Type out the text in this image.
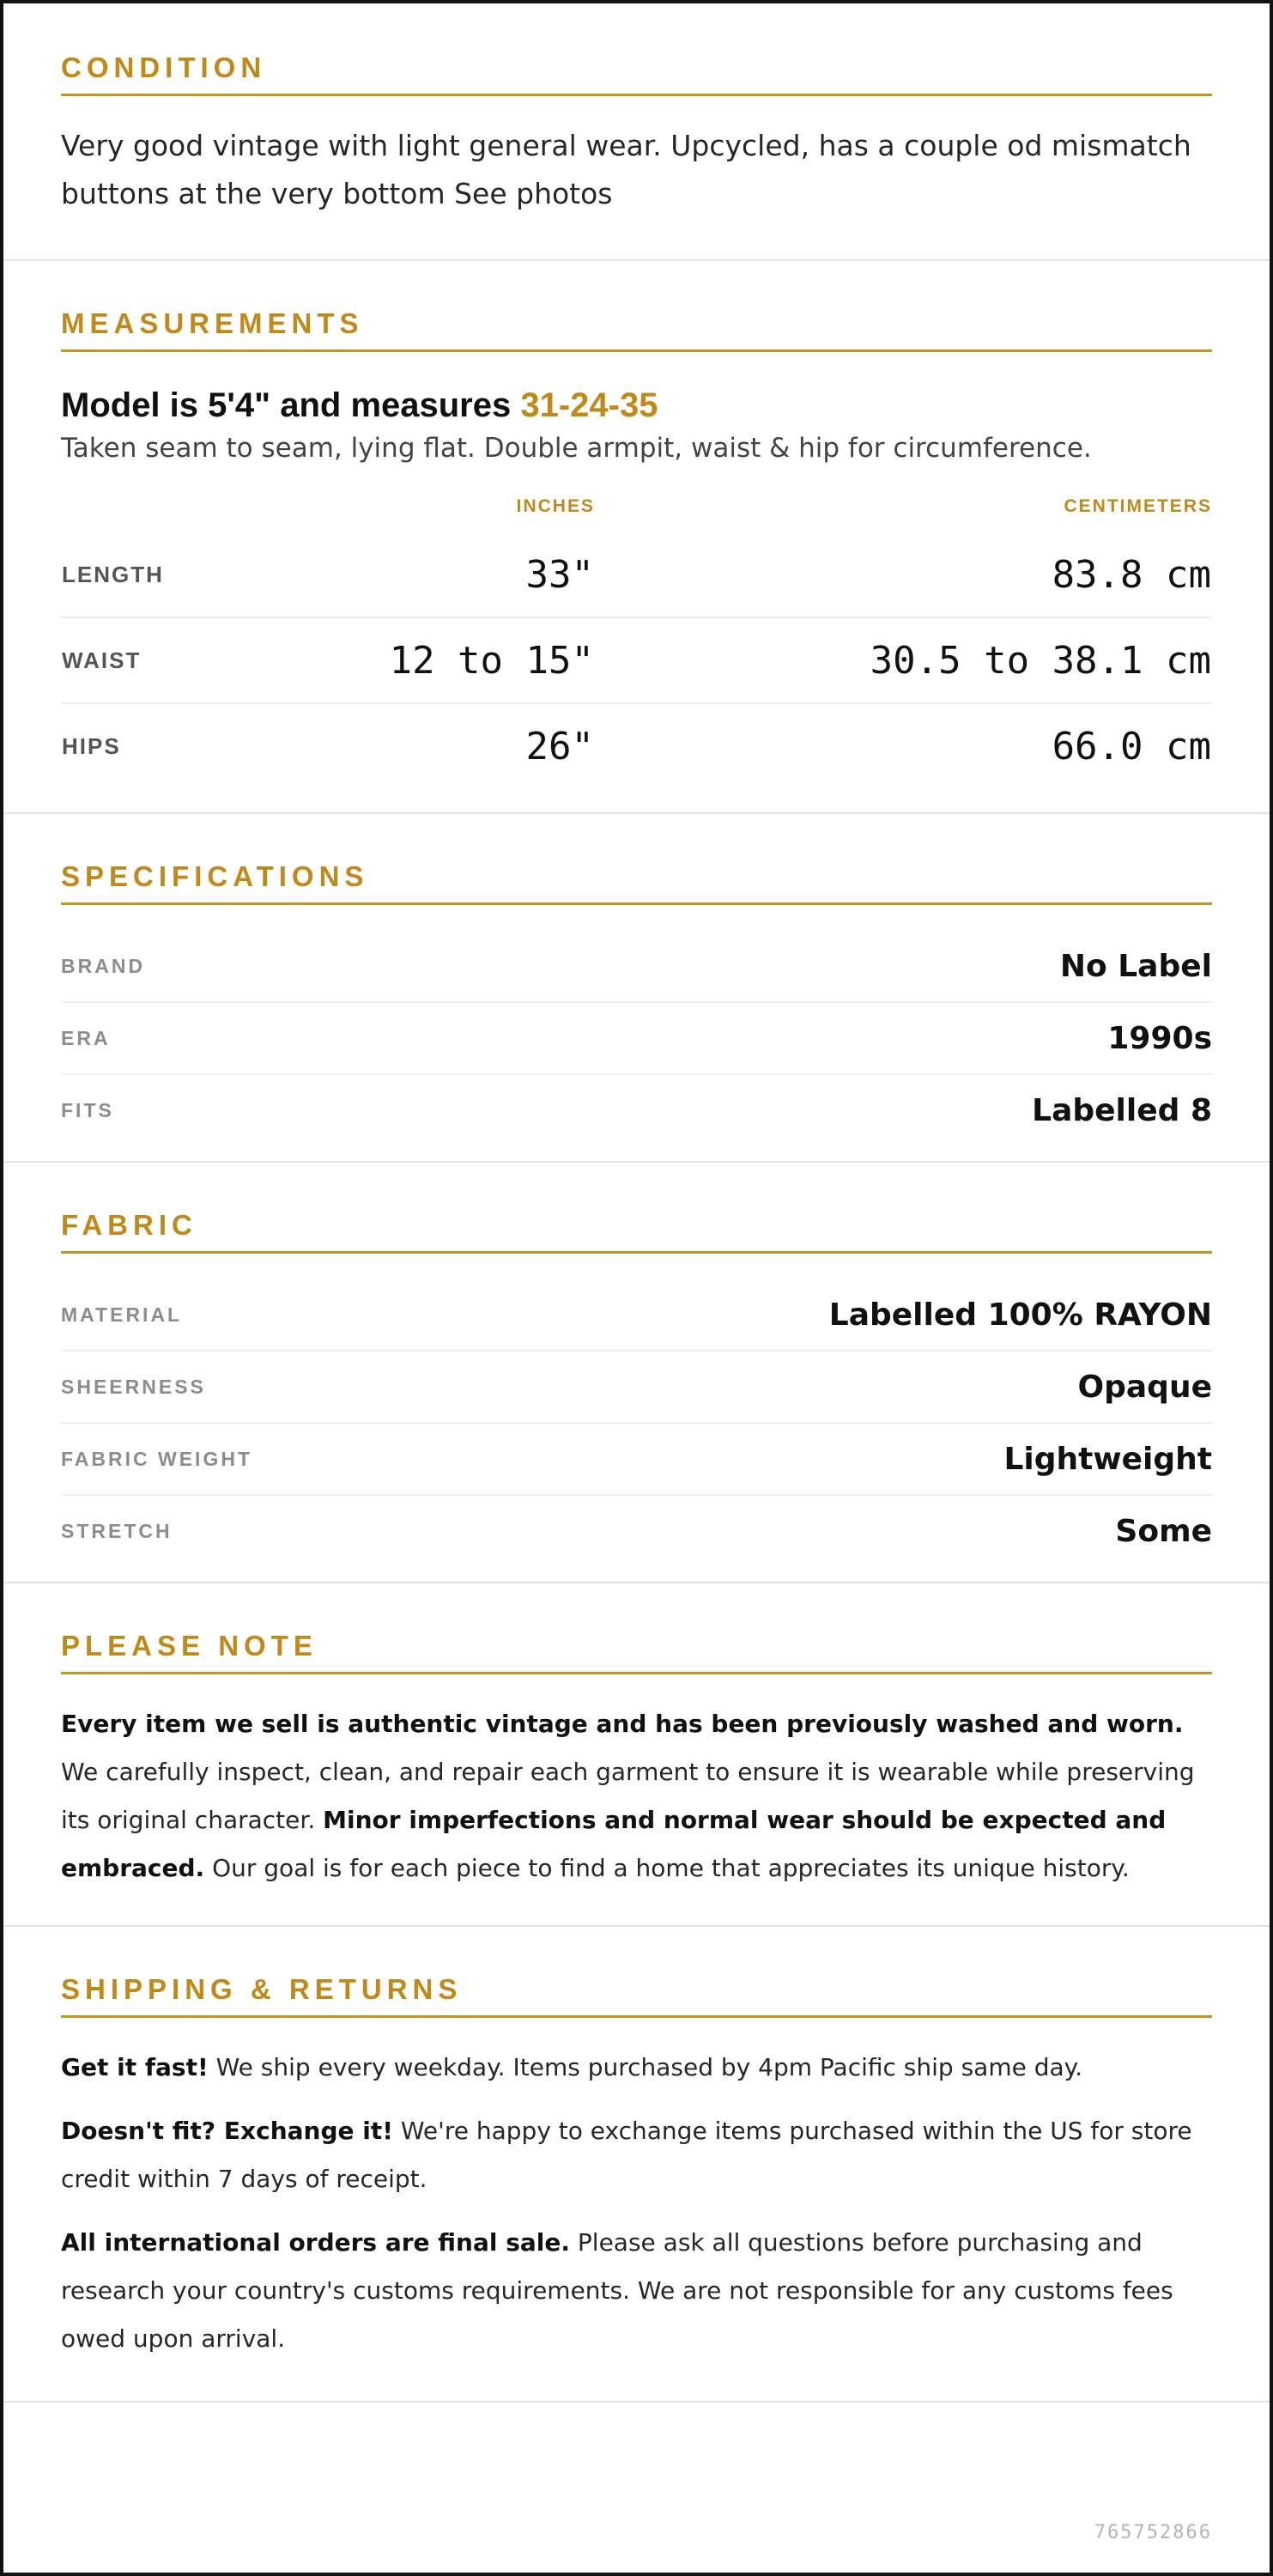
CONDITION

Very good vintage with light general wear. Upcycled, has a couple od mismatch buttons at the very bottom See photos

MEASUREMENTS
Model is 5'4" and measures 31-24-35

Taken seam to seam, lying flat. Double armpit, waist & hip for circumference.

	INCHES	CENTIMETERS
LENGTH	33"	83.8 cm
WAIST	12 to 15"	30.5 to 38.1 cm
HIPS	26"	66.0 cm
SPECIFICATIONS
BRAND	No Label
ERA	1990s
FITS	Labelled 8
FABRIC
MATERIAL	Labelled 100% RAYON
SHEERNESS	Opaque
FABRIC WEIGHT	Lightweight
STRETCH	Some
PLEASE NOTE

Every item we sell is authentic vintage and has been previously washed and worn. We carefully inspect, clean, and repair each garment to ensure it is wearable while preserving its original character. Minor imperfections and normal wear should be expected and embraced. Our goal is for each piece to find a home that appreciates its unique history.

SHIPPING & RETURNS

Get it fast! We ship every weekday. Items purchased by 4pm Pacific ship same day.

Doesn't fit? Exchange it! We're happy to exchange items purchased within the US for store credit within 7 days of receipt.

All international orders are final sale. Please ask all questions before purchasing and research your country's customs requirements. We are not responsible for any customs fees owed upon arrival.

765752866
